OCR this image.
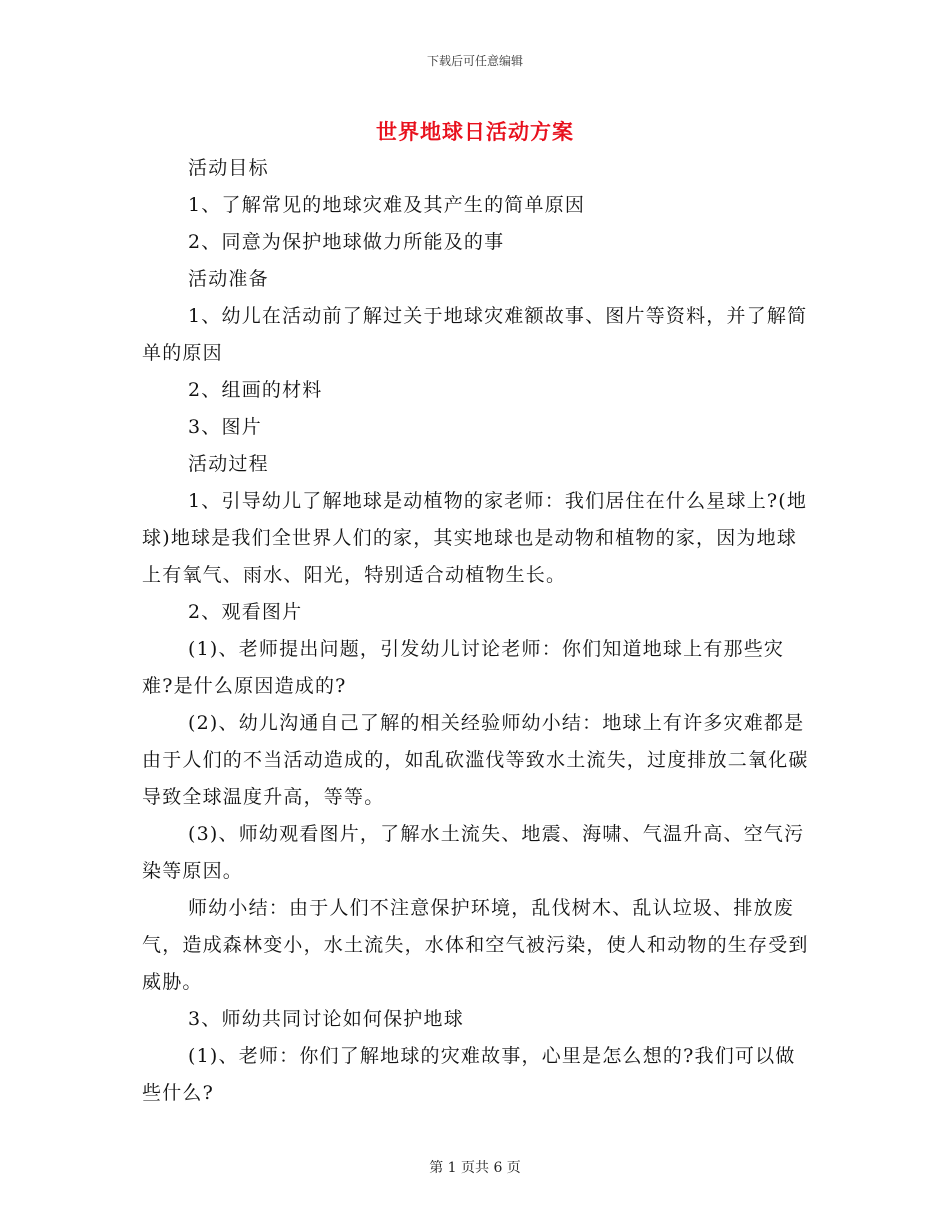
下载后可任意编辑
世界地球日活动方案

活动目标

1、了解常见的地球灾难及其产生的简单原因

2、同意为保护地球做力所能及的事

活动准备

1、幼儿在活动前了解过关于地球灾难额故事、图片等资料，并了解简单的原因

2、组画的材料

3、图片

活动过程

1、引导幼儿了解地球是动植物的家老师：我们居住在什么星球上?(地球)地球是我们全世界人们的家，其实地球也是动物和植物的家，因为地球上有氧气、雨水、阳光，特别适合动植物生长。

2、观看图片

(1)、老师提出问题，引发幼儿讨论老师：你们知道地球上有那些灾难?是什么原因造成的?

(2)、幼儿沟通自己了解的相关经验师幼小结：地球上有许多灾难都是由于人们的不当活动造成的，如乱砍滥伐等致水土流失，过度排放二氧化碳导致全球温度升高，等等。

(3)、师幼观看图片，了解水土流失、地震、海啸、气温升高、空气污染等原因。

师幼小结：由于人们不注意保护环境，乱伐树木、乱认垃圾、排放废气，造成森林变小，水土流失，水体和空气被污染，使人和动物的生存受到威胁。

3、师幼共同讨论如何保护地球

(1)、老师：你们了解地球的灾难故事，心里是怎么想的?我们可以做些什么?

第 1 页共 6 页
